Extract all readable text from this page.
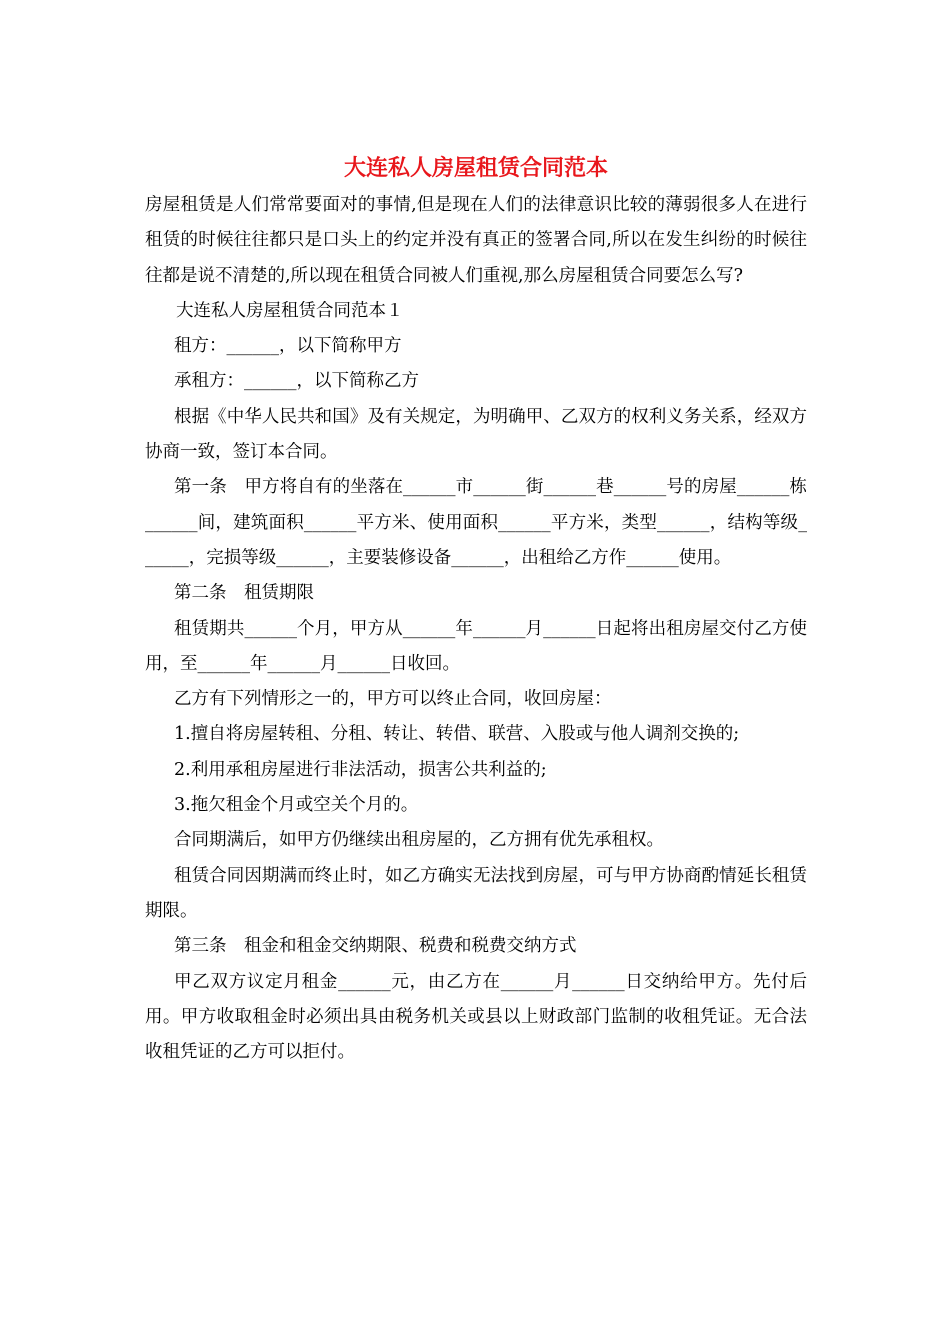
大连私人房屋租赁合同范本

房屋租赁是人们常常要面对的事情,但是现在人们的法律意识比较的薄弱很多人在进行租赁的时候往往都只是口头上的约定并没有真正的签署合同,所以在发生纠纷的时候往往都是说不清楚的,所以现在租赁合同被人们重视,那么房屋租赁合同要怎么写?

大连私人房屋租赁合同范本１

租方：______，以下简称甲方

承租方：______，以下简称乙方

根据《中华人民共和国》及有关规定，为明确甲、乙双方的权利义务关系，经双方协商一致，签订本合同。

第一条　甲方将自有的坐落在______市______街______巷______号的房屋______栋______间，建筑面积______平方米、使用面积______平方米，类型______，结构等级______，完损等级______，主要装修设备______，出租给乙方作______使用。

第二条　租赁期限

租赁期共______个月，甲方从______年______月______日起将出租房屋交付乙方使用，至______年______月______日收回。

乙方有下列情形之一的，甲方可以终止合同，收回房屋：

1.擅自将房屋转租、分租、转让、转借、联营、入股或与他人调剂交换的;

2.利用承租房屋进行非法活动，损害公共利益的;

3.拖欠租金个月或空关个月的。

合同期满后，如甲方仍继续出租房屋的，乙方拥有优先承租权。

租赁合同因期满而终止时，如乙方确实无法找到房屋，可与甲方协商酌情延长租赁期限。

第三条　租金和租金交纳期限、税费和税费交纳方式

甲乙双方议定月租金______元，由乙方在______月______日交纳给甲方。先付后用。甲方收取租金时必须出具由税务机关或县以上财政部门监制的收租凭证。无合法收租凭证的乙方可以拒付。
